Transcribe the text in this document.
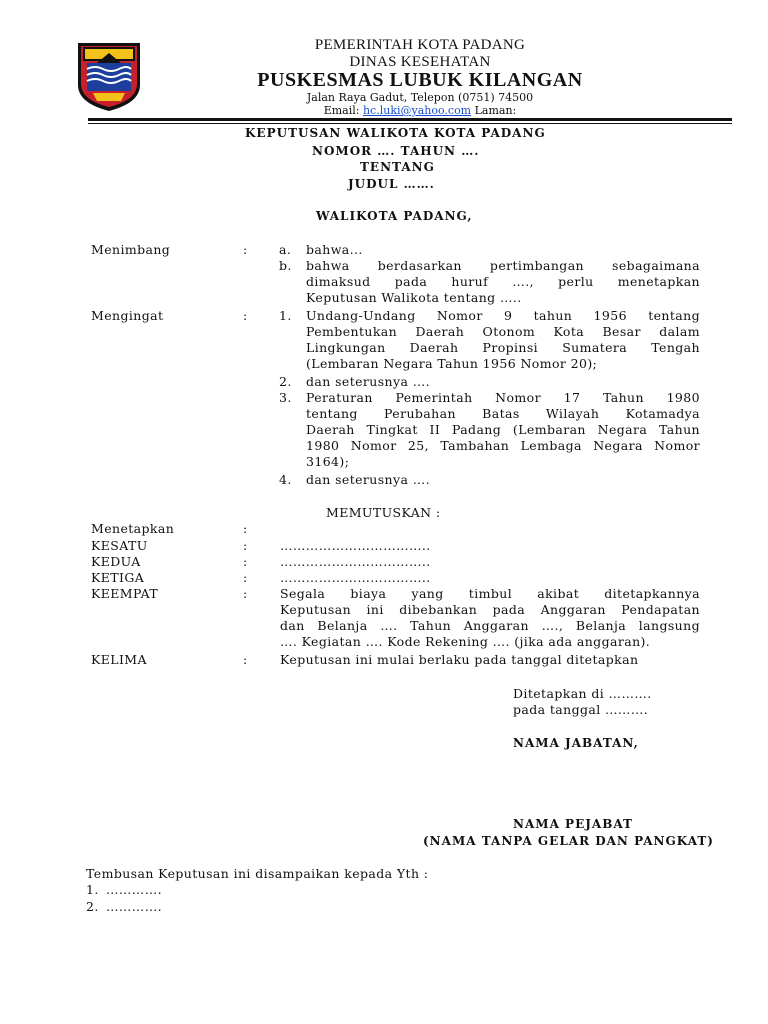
PEMERINTAH KOTA PADANG
DINAS KESEHATAN
PUSKESMAS LUBUK KILANGAN
Jalan Raya Gadut, Telepon (0751) 74500
Email: hc.luki@yahoo.com Laman:
KEPUTUSAN WALIKOTA KOTA PADANG
NOMOR …. TAHUN ….
TENTANG
JUDUL …….
WALIKOTA PADANG,
Menimbang	:	a. bahwa...
b. bahwa berdasarkan pertimbangan sebagaimana
dimaksud pada huruf …., perlu menetapkan
Keputusan Walikota tentang …..
Mengingat	:	1. Undang-Undang Nomor 9 tahun 1956 tentang
Pembentukan Daerah Otonom Kota Besar dalam
Lingkungan Daerah Propinsi Sumatera Tengah
(Lembaran Negara Tahun 1956 Nomor 20);
2. dan seterusnya ….
3. Peraturan Pemerintah Nomor 17 Tahun 1980
tentang Perubahan Batas Wilayah Kotamadya
Daerah Tingkat II Padang (Lembaran Negara Tahun
1980 Nomor 25, Tambahan Lembaga Negara Nomor
3164);
4. dan seterusnya ….
MEMUTUSKAN :
Menetapkan	:
KESATU	:	……………………………..
KEDUA	:	……………………………..
KETIGA	:	……………………………..
KEEMPAT	:	Segala biaya yang timbul akibat ditetapkannya
Keputusan ini dibebankan pada Anggaran Pendapatan
dan Belanja …. Tahun Anggaran …., Belanja langsung
…. Kegiatan …. Kode Rekening …. (jika ada anggaran).
KELIMA	:	Keputusan ini mulai berlaku pada tanggal ditetapkan
Ditetapkan di ……….
pada tanggal ……….
NAMA JABATAN,
NAMA PEJABAT
(NAMA TANPA GELAR DAN PANGKAT)
Tembusan Keputusan ini disampaikan kepada Yth :
1. ………….
2. ………….
